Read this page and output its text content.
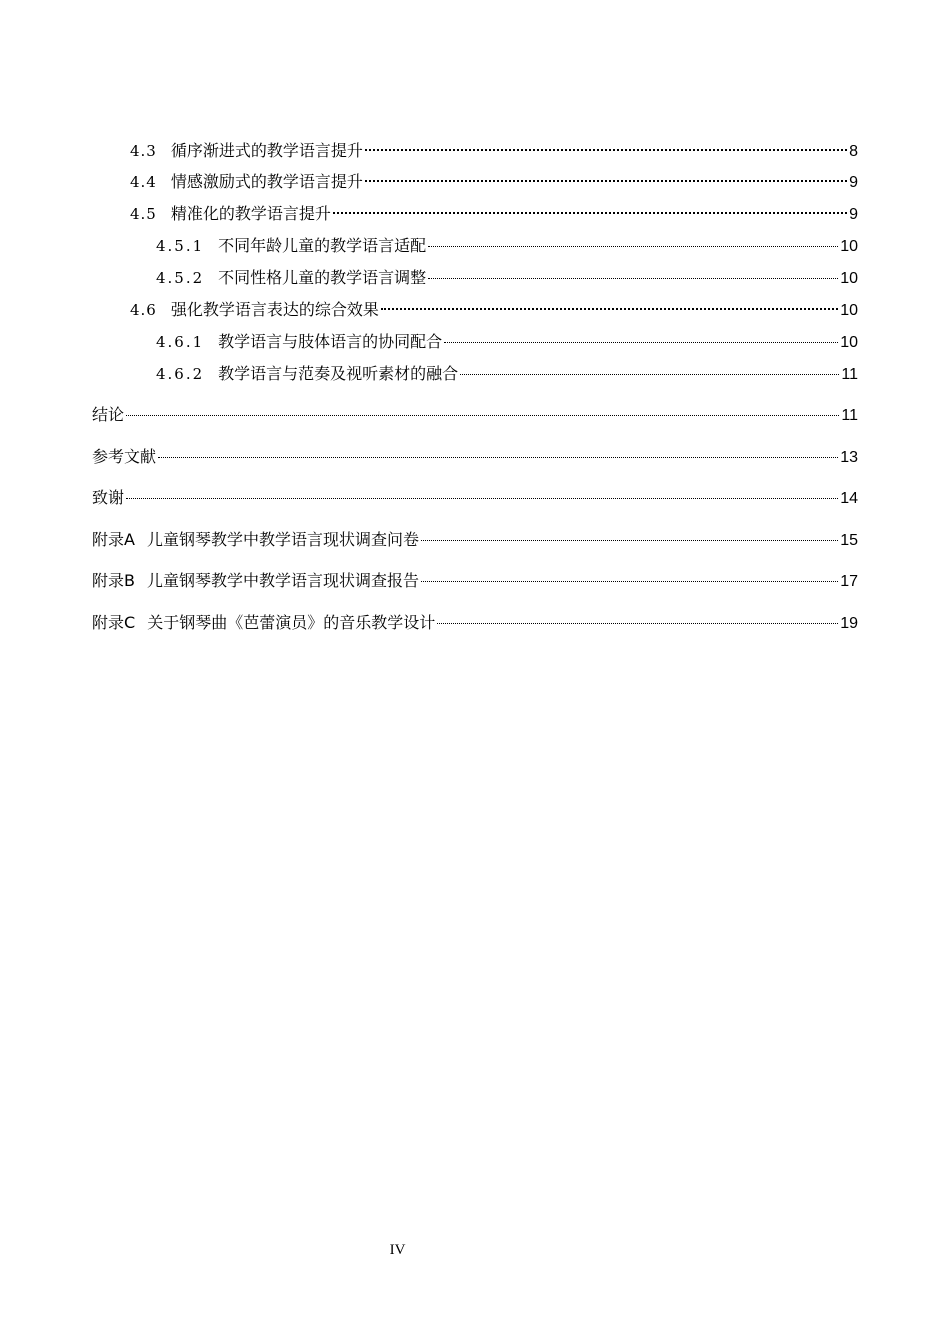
4.3 循序渐进式的教学语言提升	8
4.4 情感激励式的教学语言提升	9
4.5 精准化的教学语言提升	9
4.5.1 不同年龄儿童的教学语言适配	10
4.5.2 不同性格儿童的教学语言调整	10
4.6 强化教学语言表达的综合效果	10
4.6.1 教学语言与肢体语言的协同配合	10
4.6.2 教学语言与范奏及视听素材的融合	11
结论	11
参考文献	13
致谢	14
附录A 儿童钢琴教学中教学语言现状调查问卷	15
附录B 儿童钢琴教学中教学语言现状调查报告	17
附录C 关于钢琴曲《芭蕾演员》的音乐教学设计	19
IV
